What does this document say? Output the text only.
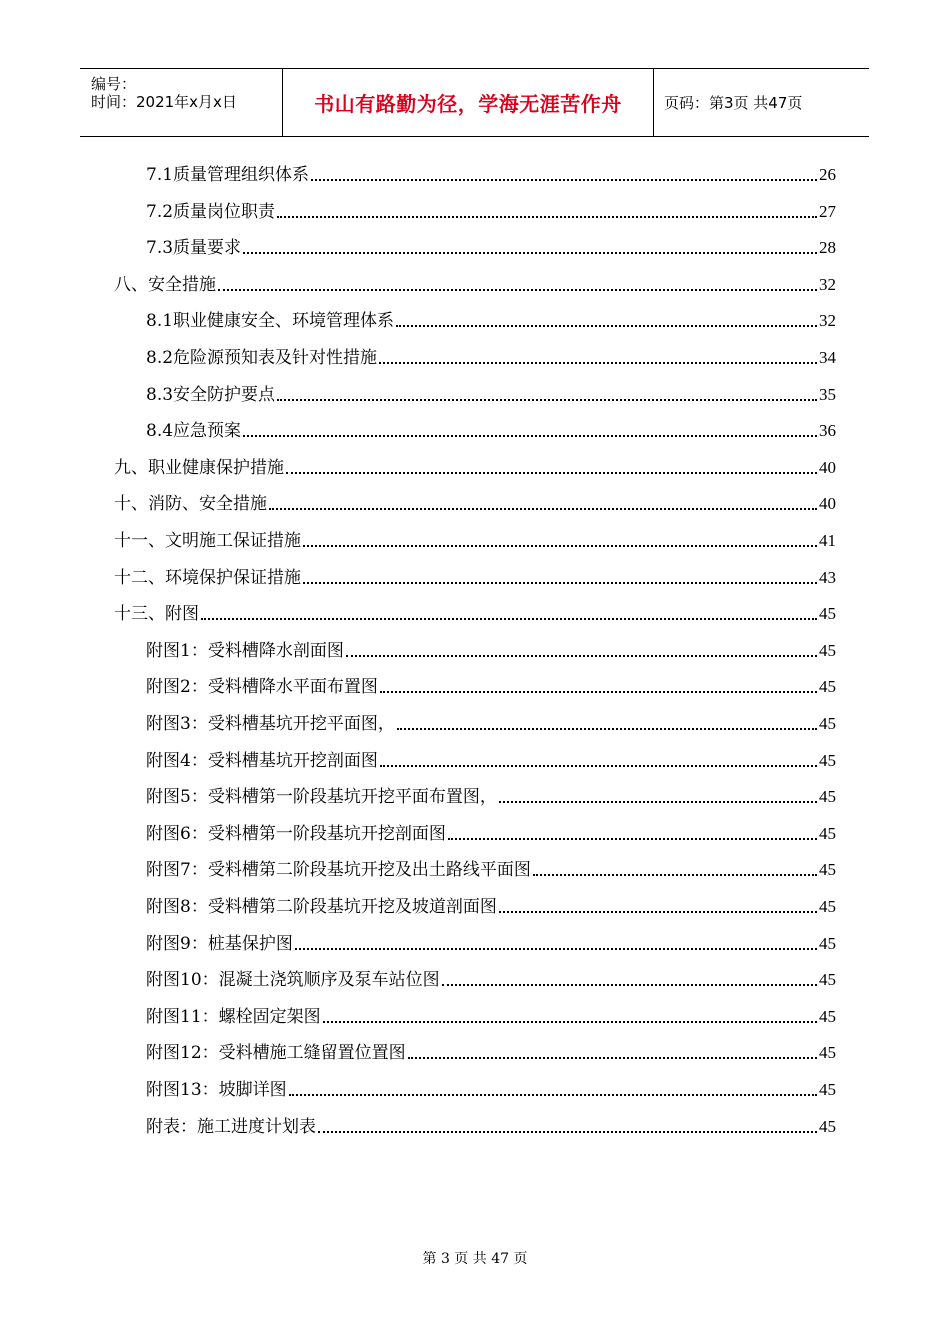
编号：
时间：2021年x月x日	书山有路勤为径，学海无涯苦作舟	页码：第3页 共47页
7.1质量管理组织体系	26
7.2质量岗位职责	27
7.3质量要求	28
八、安全措施	32
8.1职业健康安全、环境管理体系	32
8.2危险源预知表及针对性措施	34
8.3安全防护要点	35
8.4应急预案	36
九、职业健康保护措施	40
十、消防、安全措施	40
十一、文明施工保证措施	41
十二、环境保护保证措施	43
十三、附图	45
附图1：受料槽降水剖面图	45
附图2：受料槽降水平面布置图	45
附图3：受料槽基坑开挖平面图，	45
附图4：受料槽基坑开挖剖面图	45
附图5：受料槽第一阶段基坑开挖平面布置图，	45
附图6：受料槽第一阶段基坑开挖剖面图	45
附图7：受料槽第二阶段基坑开挖及出土路线平面图	45
附图8：受料槽第二阶段基坑开挖及坡道剖面图	45
附图9：桩基保护图	45
附图10：混凝土浇筑顺序及泵车站位图	45
附图11：螺栓固定架图	45
附图12：受料槽施工缝留置位置图	45
附图13：坡脚详图	45
附表：施工进度计划表	45
第 3 页 共 47 页
